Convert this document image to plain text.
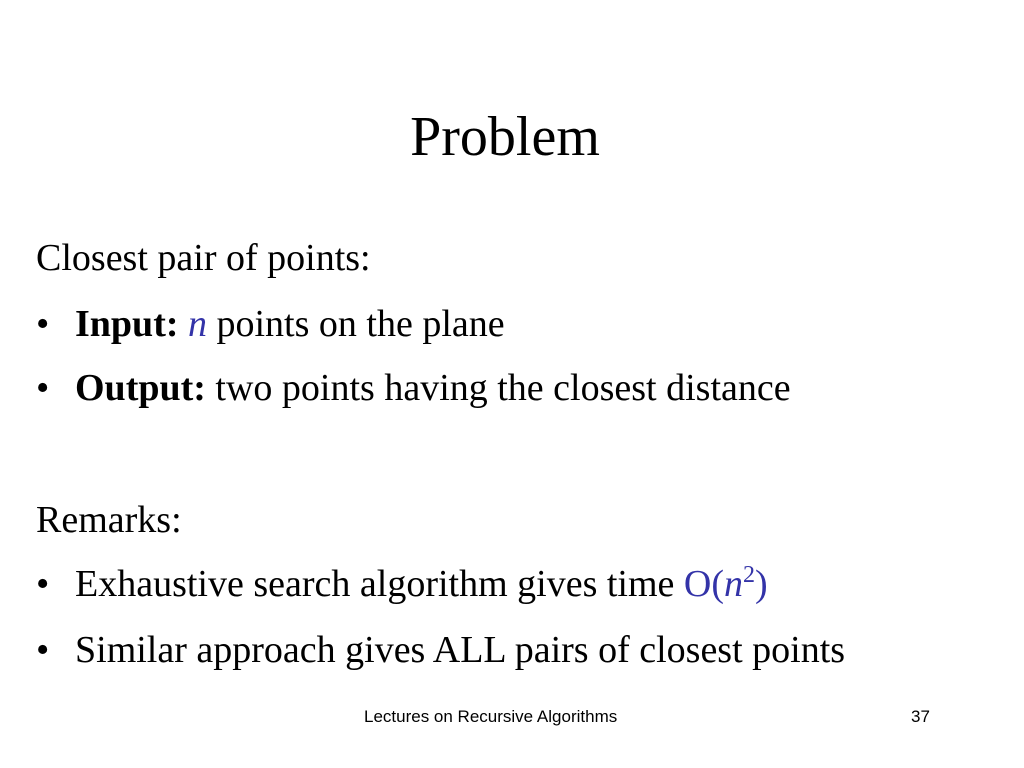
Problem
Closest pair of points:
• Input: n points on the plane
• Output: two points having the closest distance
Remarks:
• Exhaustive search algorithm gives time $O(n^2)$
• Similar approach gives ALL pairs of closest points
Lectures on Recursive Algorithms	37
